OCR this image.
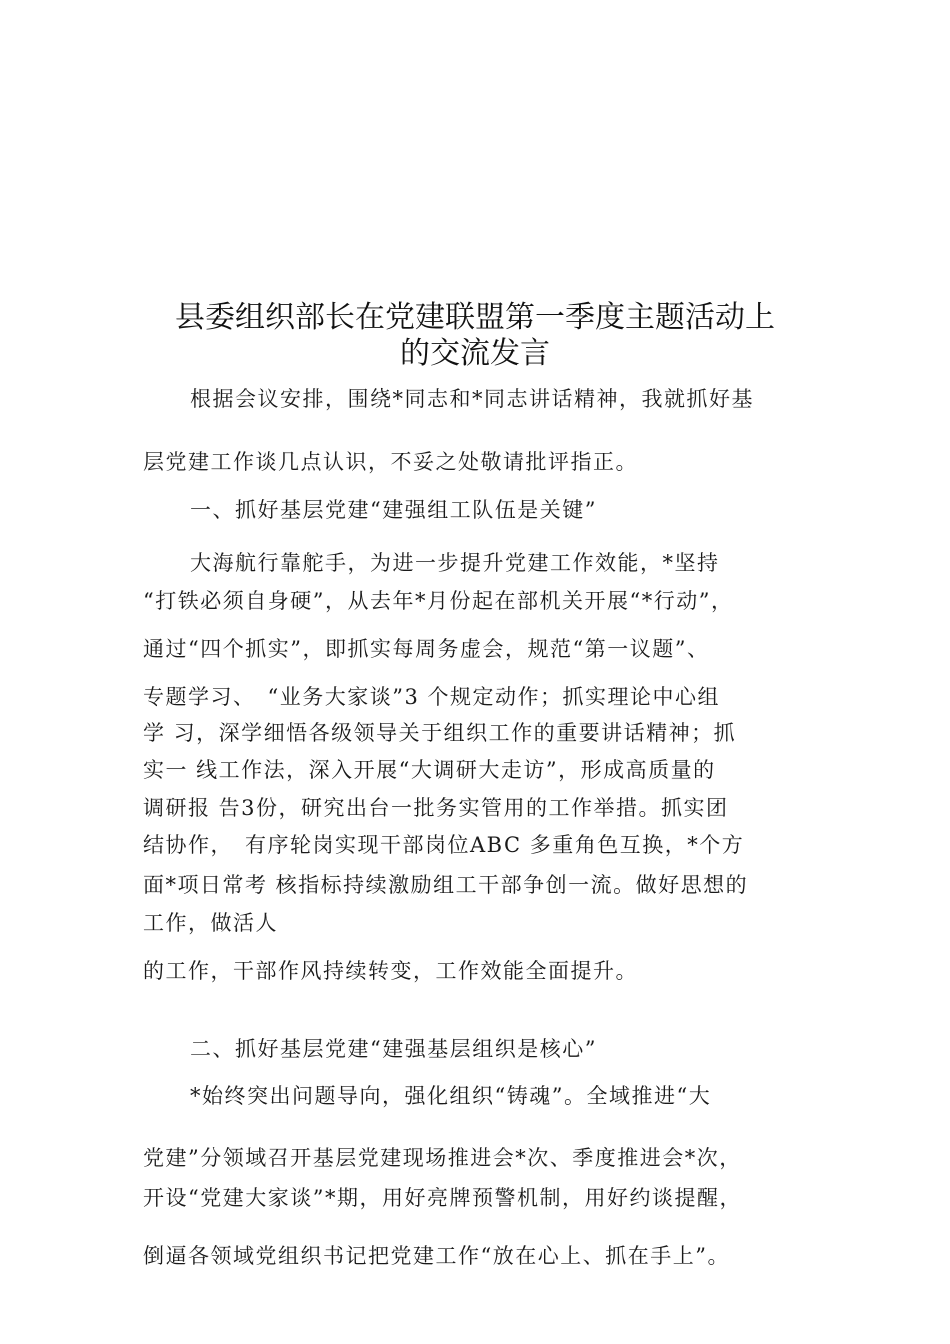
县委组织部长在党建联盟第一季度主题活动上
的交流发言
根据会议安排，围绕*同志和*同志讲话精神，我就抓好基
层党建工作谈几点认识，不妥之处敬请批评指正。
一、抓好基层党建“建强组工队伍是关键”
大海航行靠舵手，为进一步提升党建工作效能，*坚持
“打铁必须自身硬”，从去年*月份起在部机关开展“*行动”，
通过“四个抓实”，即抓实每周务虚会，规范“第一议题”、
专题学习、　“业务大家谈”3 个规定动作；抓实理论中心组
学 习，深学细悟各级领导关于组织工作的重要讲话精神；抓
实一 线工作法，深入开展“大调研大走访”，形成高质量的
调研报 告3份，研究出台一批务实管用的工作举措。抓实团
结协作，　有序轮岗实现干部岗位ABC 多重角色互换，*个方
面*项日常考 核指标持续激励组工干部争创一流。做好思想的
工作，做活人
的工作，干部作风持续转变，工作效能全面提升。
二、抓好基层党建“建强基层组织是核心”
*始终突出问题导向，强化组织“铸魂”。全域推进“大
党建”分领域召开基层党建现场推进会*次、季度推进会*次，
开设“党建大家谈”*期，用好亮牌预警机制，用好约谈提醒，
倒逼各领域党组织书记把党建工作“放在心上、抓在手上”。
